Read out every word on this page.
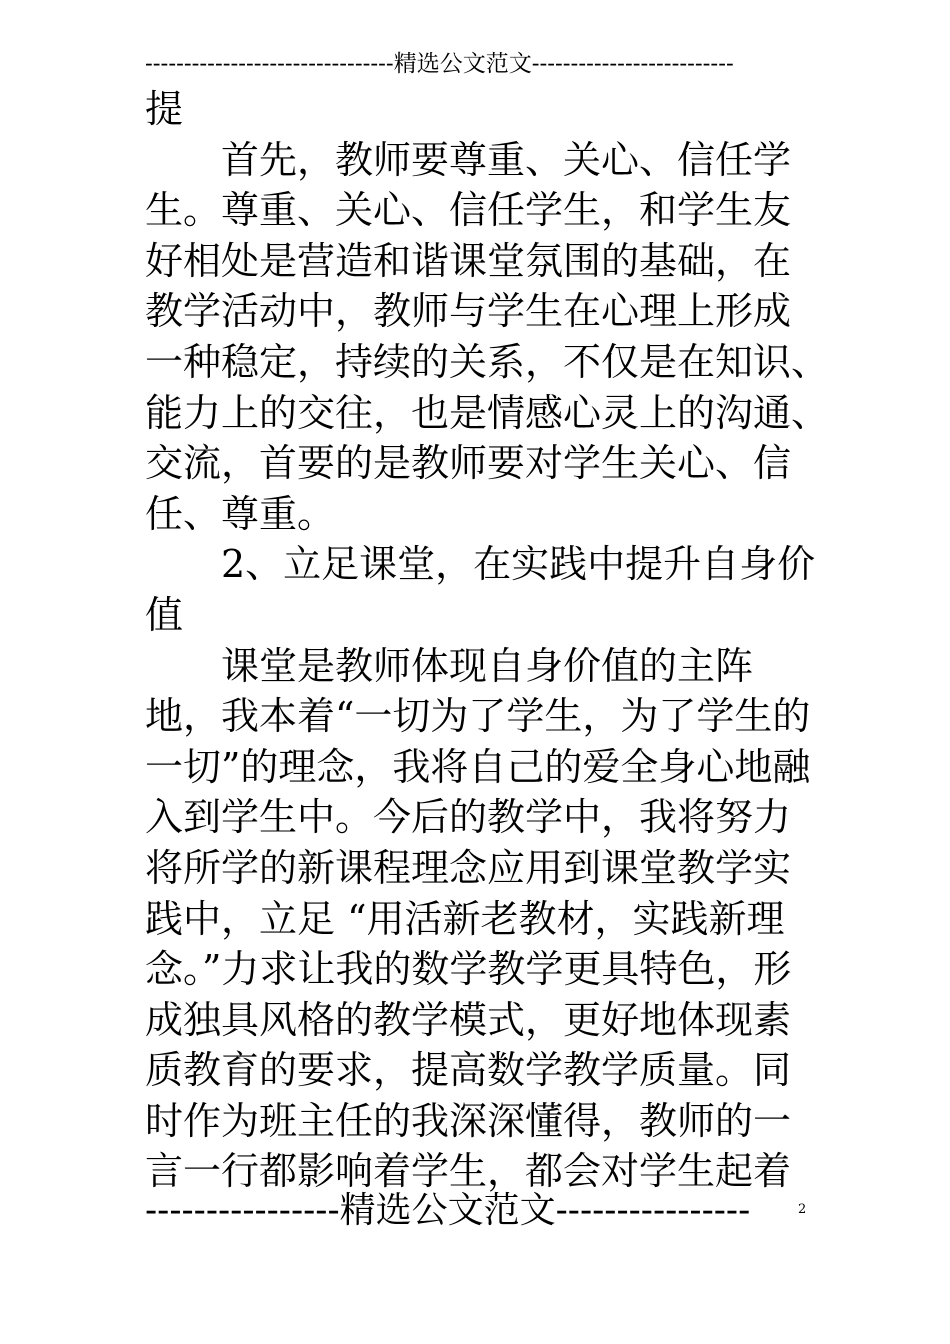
--------------------------------精选公文范文--------------------------
提
　　首先，教师要尊重、关心、信任学
生。尊重、关心、信任学生，和学生友
好相处是营造和谐课堂氛围的基础，在
教学活动中，教师与学生在心理上形成
一种稳定，持续的关系，不仅是在知识、
能力上的交往，也是情感心灵上的沟通、
交流，首要的是教师要对学生关心、信
任、尊重。
　　2、立足课堂，在实践中提升自身价
值
　　课堂是教师体现自身价值的主阵
地，我本着“一切为了学生，为了学生的
一切”的理念，我将自己的爱全身心地融
入到学生中。今后的教学中，我将努力
将所学的新课程理念应用到课堂教学实
践中，立足 “用活新老教材，实践新理
念。”力求让我的数学教学更具特色，形
成独具风格的教学模式，更好地体现素
质教育的要求，提高数学教学质量。同
时作为班主任的我深深懂得，教师的一
言一行都影响着学生，都会对学生起着
----------------精选公文范文----------------	2
